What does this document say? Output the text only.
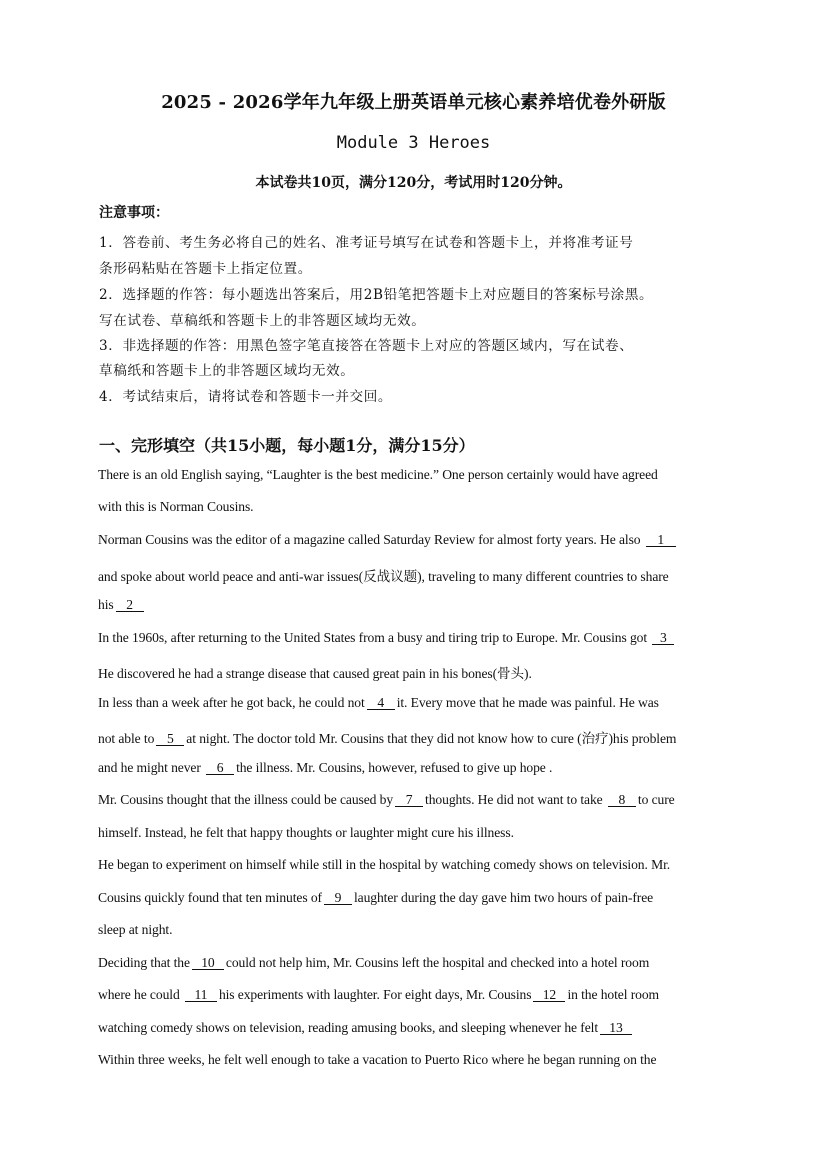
2025 - 2026学年九年级上册英语单元核心素养培优卷外研版
Module 3 Heroes
本试卷共10页，满分120分，考试用时120分钟。
注意事项：
1．答卷前、考生务必将自己的姓名、准考证号填写在试卷和答题卡上，并将准考证号
条形码粘贴在答题卡上指定位置。
2．选择题的作答：每小题选出答案后，用2B铅笔把答题卡上对应题目的答案标号涂黑。
写在试卷、草稿纸和答题卡上的非答题区域均无效。
3．非选择题的作答：用黑色签字笔直接答在答题卡上对应的答题区域内，写在试卷、
草稿纸和答题卡上的非答题区域均无效。
4．考试结束后，请将试卷和答题卡一并交回。
一、完形填空（共15小题，每小题1分，满分15分）
There is an old English saying, “Laughter is the best medicine.” One person certainly would have agreed
with this is Norman Cousins.
Norman Cousins was the editor of a magazine called Saturday Review for almost forty years. He also 1
and spoke about world peace and anti-war issues(反战议题), traveling to many different countries to share
his 2
In the 1960s, after returning to the United States from a busy and tiring trip to Europe. Mr. Cousins got 3
He discovered he had a strange disease that caused great pain in his bones(骨头).
In less than a week after he got back, he could not 4 it. Every move that he made was painful. He was
not able to 5 at night. The doctor told Mr. Cousins that they did not know how to cure (治疗)his problem
and he might never 6 the illness. Mr. Cousins, however, refused to give up hope .
Mr. Cousins thought that the illness could be caused by 7 thoughts. He did not want to take 8 to cure
himself. Instead, he felt that happy thoughts or laughter might cure his illness.
He began to experiment on himself while still in the hospital by watching comedy shows on television. Mr.
Cousins quickly found that ten minutes of 9 laughter during the day gave him two hours of pain-free
sleep at night.
Deciding that the 10 could not help him, Mr. Cousins left the hospital and checked into a hotel room
where he could 11 his experiments with laughter. For eight days, Mr. Cousins 12 in the hotel room
watching comedy shows on television, reading amusing books, and sleeping whenever he felt 13
Within three weeks, he felt well enough to take a vacation to Puerto Rico where he began running on the
